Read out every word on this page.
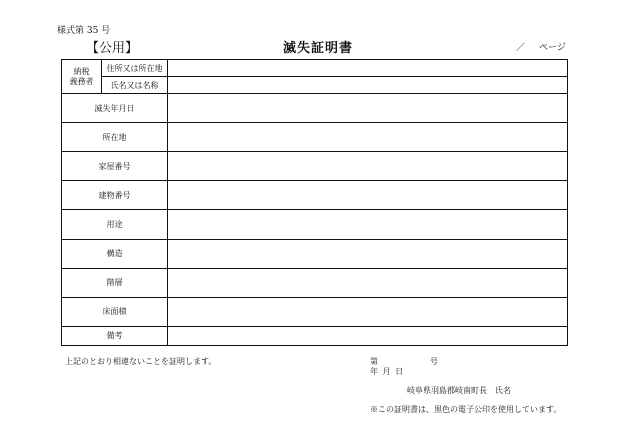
様式第 35 号
【公用】	滅失証明書	／ ページ
納税
義務者	住所又は所在地	
	氏名又は名称	
滅失年月日		
所在地		
家屋番号		
建物番号		
用途		
構造		
階層		
床面積		
備考		
上記のとおり相違ないことを証明します。	第	号
年 月 日
岐阜県羽島郡岐南町長　氏名
※この証明書は、黒色の電子公印を使用しています。
